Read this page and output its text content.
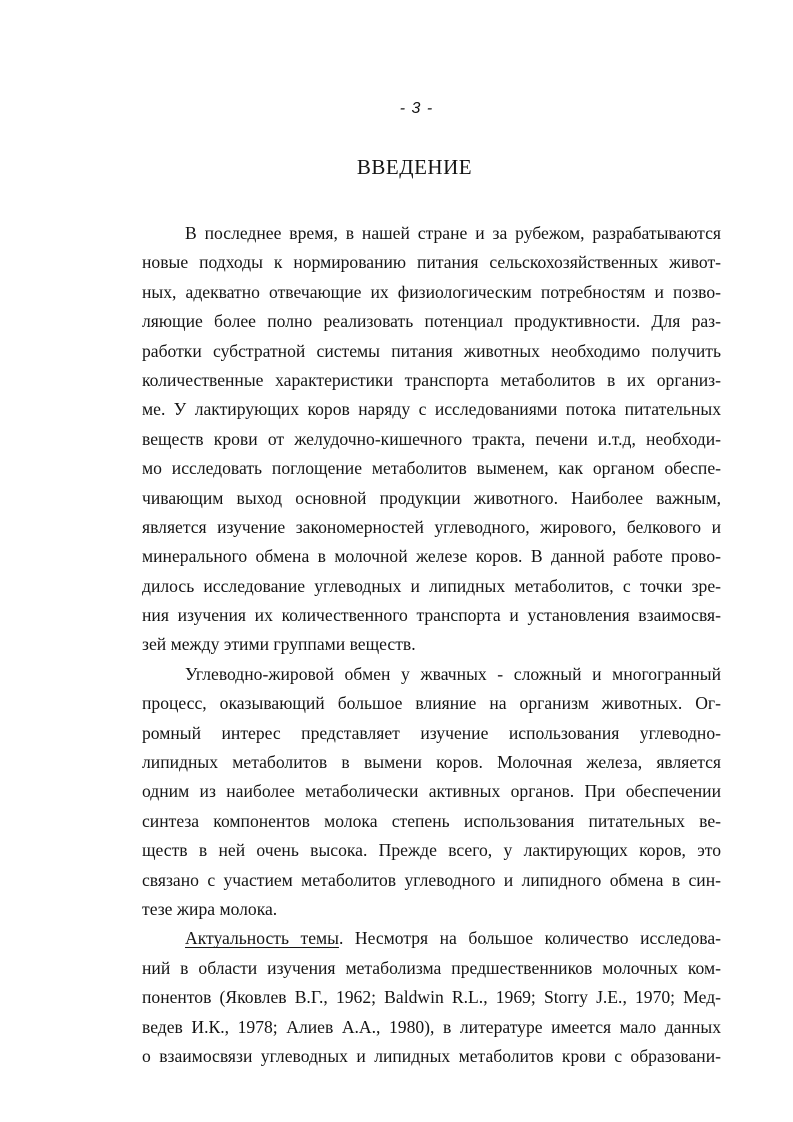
- 3 -
ВВЕДЕНИЕ
В последнее время, в нашей стране и за рубежом, разрабатываются
новые подходы к нормированию питания сельскохозяйственных живот-
ных, адекватно отвечающие их физиологическим потребностям и позво-
ляющие более полно реализовать потенциал продуктивности. Для раз-
работки субстратной системы питания животных необходимо получить
количественные характеристики транспорта метаболитов в их организ-
ме. У лактирующих коров наряду с исследованиями потока питательных
веществ крови от желудочно-кишечного тракта, печени и.т.д, необходи-
мо исследовать поглощение метаболитов выменем, как органом обеспе-
чивающим выход основной продукции животного. Наиболее важным,
является изучение закономерностей углеводного, жирового, белкового и
минерального обмена в молочной железе коров. В данной работе прово-
дилось исследование углеводных и липидных метаболитов, с точки зре-
ния изучения их количественного транспорта и установления взаимосвя-
зей между этими группами веществ.
Углеводно-жировой обмен у жвачных - сложный и многогранный
процесс, оказывающий большое влияние на организм животных. Ог-
ромный интерес представляет изучение использования углеводно-
липидных метаболитов в вымени коров. Молочная железа, является
одним из наиболее метаболически активных органов. При обеспечении
синтеза компонентов молока степень использования питательных ве-
ществ в ней очень высока. Прежде всего, у лактирующих коров, это
связано с участием метаболитов углеводного и липидного обмена в син-
тезе жира молока.
Актуальность темы. Несмотря на большое количество исследова-
ний в области изучения метаболизма предшественников молочных ком-
понентов (Яковлев В.Г., 1962; Baldwin R.L., 1969; Storry J.E., 1970; Мед-
ведев И.К., 1978; Алиев А.А., 1980), в литературе имеется мало данных
о взаимосвязи углеводных и липидных метаболитов крови с образовани-
